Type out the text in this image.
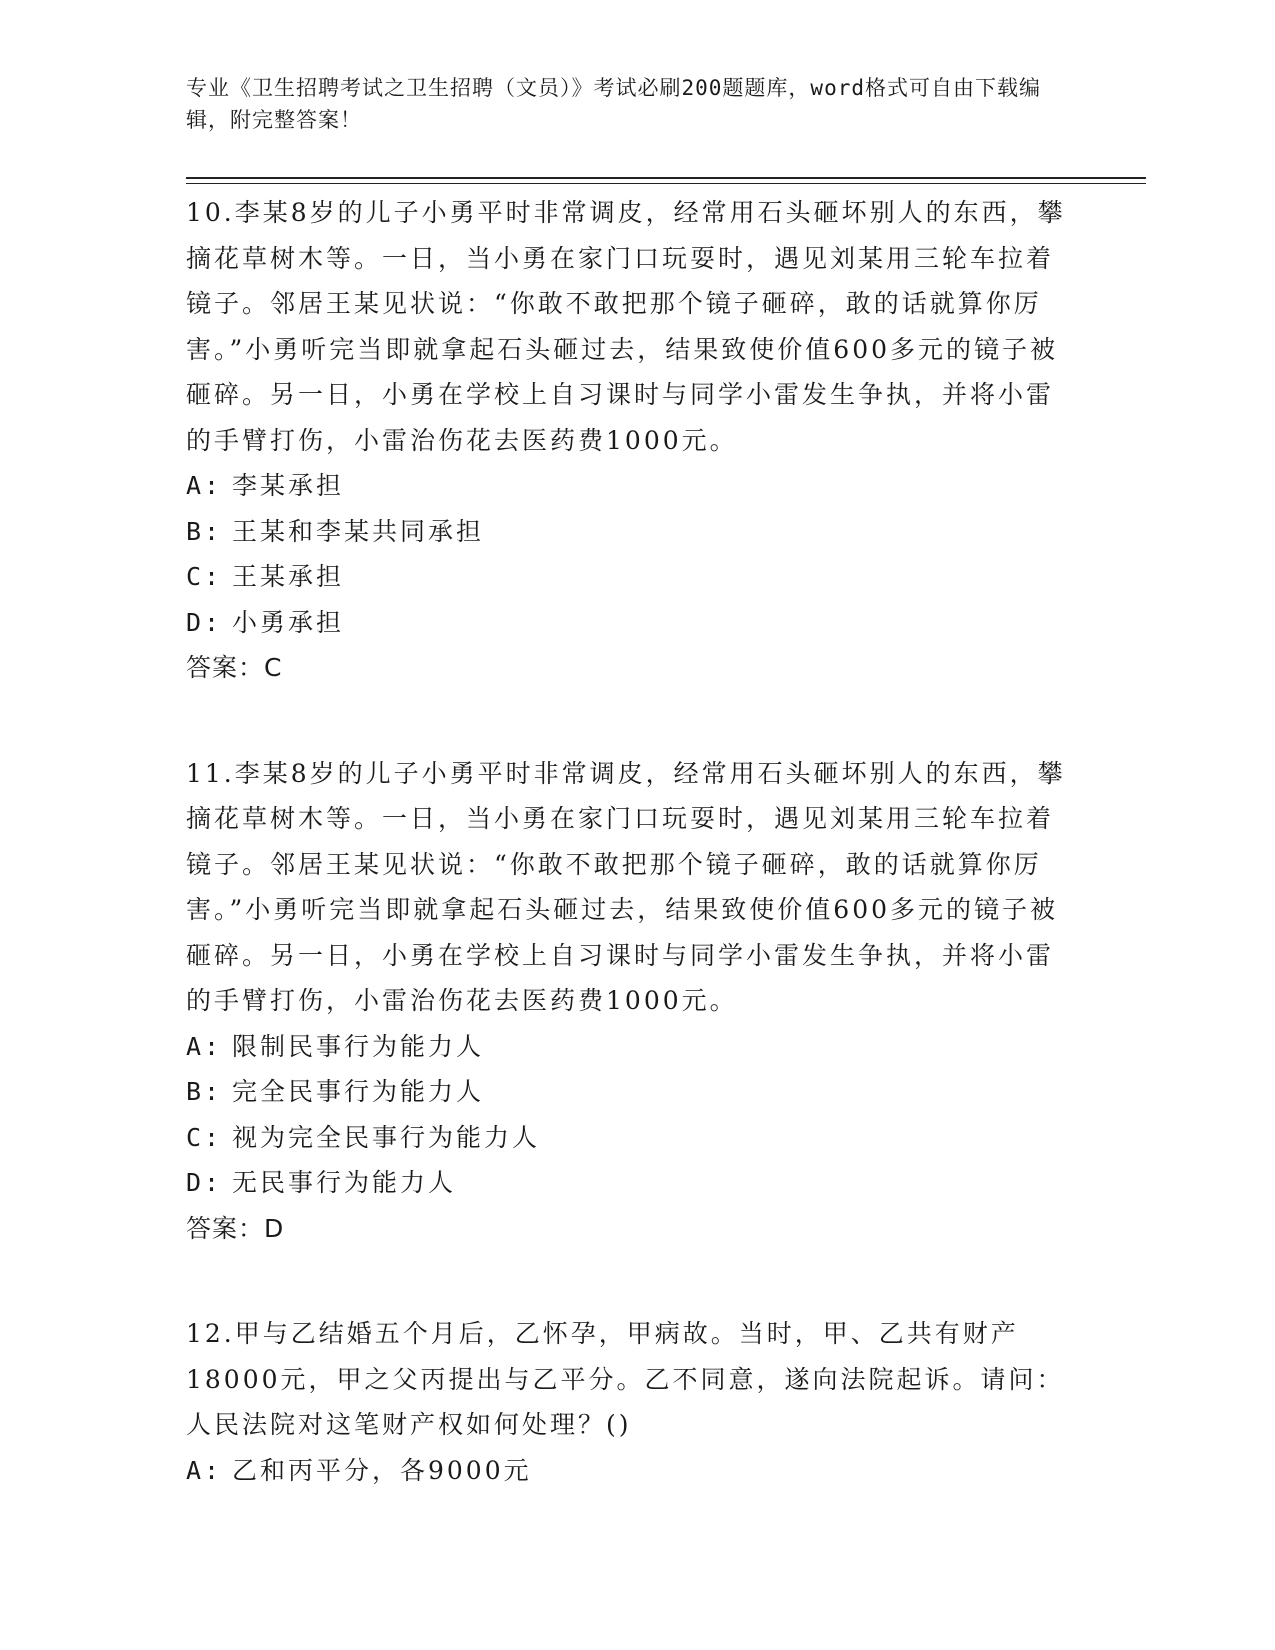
专业《卫生招聘考试之卫生招聘（文员）》考试必刷200题题库，word格式可自由下载编辑，附完整答案！

10.李某8岁的儿子小勇平时非常调皮，经常用石头砸坏别人的东西，攀摘花草树木等。一日，当小勇在家门口玩耍时，遇见刘某用三轮车拉着镜子。邻居王某见状说：“你敢不敢把那个镜子砸碎，敢的话就算你厉害。”小勇听完当即就拿起石头砸过去，结果致使价值600多元的镜子被砸碎。另一日，小勇在学校上自习课时与同学小雷发生争执，并将小雷的手臂打伤，小雷治伤花去医药费1000元。

A: 李某承担
B: 王某和李某共同承担
C: 王某承担
D: 小勇承担
答案：C

11.李某8岁的儿子小勇平时非常调皮，经常用石头砸坏别人的东西，攀摘花草树木等。一日，当小勇在家门口玩耍时，遇见刘某用三轮车拉着镜子。邻居王某见状说：“你敢不敢把那个镜子砸碎，敢的话就算你厉害。”小勇听完当即就拿起石头砸过去，结果致使价值600多元的镜子被砸碎。另一日，小勇在学校上自习课时与同学小雷发生争执，并将小雷的手臂打伤，小雷治伤花去医药费1000元。

A: 限制民事行为能力人
B: 完全民事行为能力人
C: 视为完全民事行为能力人
D: 无民事行为能力人
答案：D

12.甲与乙结婚五个月后，乙怀孕，甲病故。当时，甲、乙共有财产18000元，甲之父丙提出与乙平分。乙不同意，遂向法院起诉。请问：人民法院对这笔财产权如何处理？()

A: 乙和丙平分，各9000元
